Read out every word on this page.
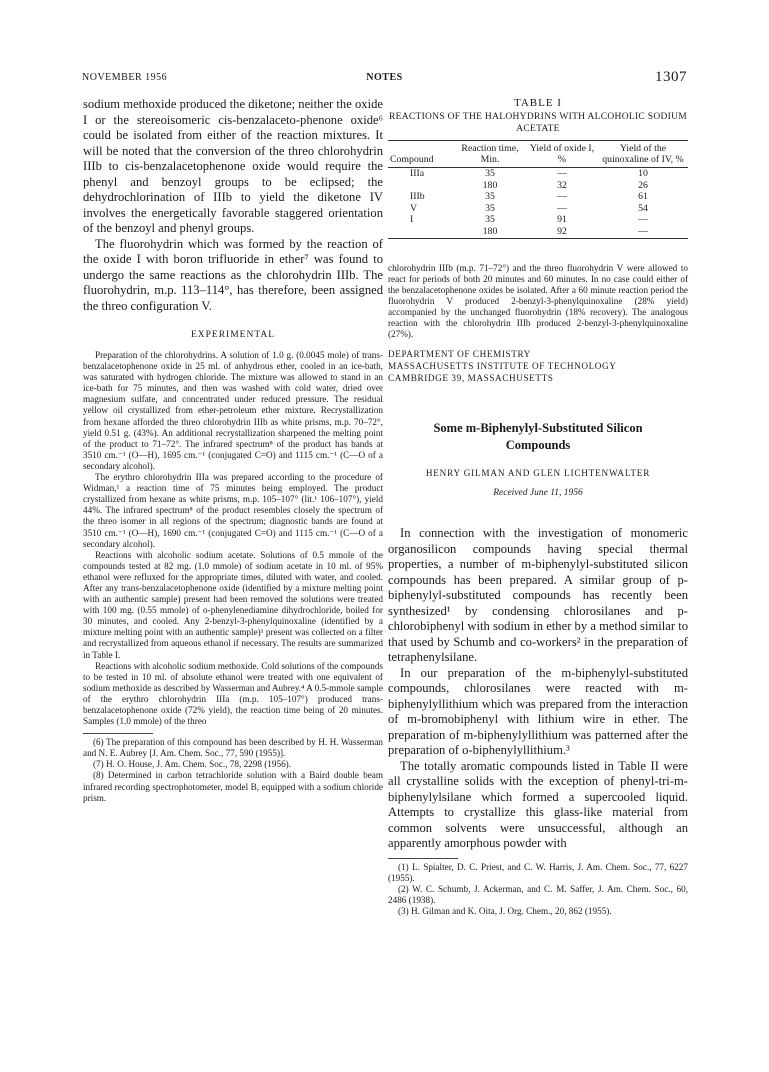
NOVEMBER 1956	NOTES	1307

sodium methoxide produced the diketone; neither the oxide I or the stereoisomeric cis-benzalaceto-phenone oxide⁶ could be isolated from either of the reaction mixtures. It will be noted that the conversion of the threo chlorohydrin IIIb to cis-benzalacetophenone oxide would require the phenyl and benzoyl groups to be eclipsed; the dehydrochlorination of IIIb to yield the diketone IV involves the energetically favorable staggered orientation of the benzoyl and phenyl groups.

The fluorohydrin which was formed by the reaction of the oxide I with boron trifluoride in ether⁷ was found to undergo the same reactions as the chlorohydrin IIIb. The fluorohydrin, m.p. 113–114°, has therefore, been assigned the threo configuration V.

EXPERIMENTAL

Preparation of the chlorohydrins. A solution of 1.0 g. (0.0045 mole) of trans-benzalacetophenone oxide in 25 ml. of anhydrous ether, cooled in an ice-bath, was saturated with hydrogen chloride. The mixture was allowed to stand in an ice-bath for 75 minutes, and then was washed with cold water, dried over magnesium sulfate, and concentrated under reduced pressure. The residual yellow oil crystallized from ether-petroleum ether mixture. Recrystallization from hexane afforded the threo chlorohydrin IIIb as white prisms, m.p. 70–72°, yield 0.51 g. (43%). An additional recrystallization sharpened the melting point of the product to 71–72°. The infrared spectrum⁸ of the product has bands at 3510 cm.⁻¹ (O—H), 1695 cm.⁻¹ (conjugated C=O) and 1115 cm.⁻¹ (C—O of a secondary alcohol).

The erythro chlorohydrin IIIa was prepared according to the procedure of Widman,¹ a reaction time of 75 minutes being employed. The product crystallized from hexane as white prisms, m.p. 105–107° (lit.¹ 106–107°), yield 44%. The infrared spectrum⁸ of the product resembles closely the spectrum of the threo isomer in all regions of the spectrum; diagnostic bands are found at 3510 cm.⁻¹ (O—H), 1690 cm.⁻¹ (conjugated C=O) and 1115 cm.⁻¹ (C—O of a secondary alcohol).

Reactions with alcoholic sodium acetate. Solutions of 0.5 mmole of the compounds tested at 82 mg. (1.0 mmole) of sodium acetate in 10 ml. of 95% ethanol were refluxed for the appropriate times, diluted with water, and cooled. After any trans-benzalacetophenone oxide (identified by a mixture melting point with an authentic sample) present had been removed the solutions were treated with 100 mg. (0.55 mmole) of o-phenylenediamine dihydrochloride, boiled for 30 minutes, and cooled. Any 2-benzyl-3-phenylquinoxaline (identified by a mixture melting point with an authentic sample)¹ present was collected on a filter and recrystallized from aqueous ethanol if necessary. The results are summarized in Table I.

Reactions with alcoholic sodium methoxide. Cold solutions of the compounds to be tested in 10 ml. of absolute ethanol were treated with one equivalent of sodium methoxide as described by Wasserman and Aubrey.⁴ A 0.5-mmole sample of the erythro chlorohydrin IIIa (m.p. 105–107°) produced trans-benzalacetophenone oxide (72% yield), the reaction time being of 20 minutes. Samples (1.0 mmole) of the threo

(6) The preparation of this compound has been described by H. H. Wasserman and N. E. Aubrey [J. Am. Chem. Soc., 77, 590 (1955)].

(7) H. O. House, J. Am. Chem. Soc., 78, 2298 (1956).

(8) Determined in carbon tetrachloride solution with a Baird double beam infrared recording spectrophotometer, model B, equipped with a sodium chloride prism.

TABLE I
REACTIONS OF THE HALOHYDRINS WITH ALCOHOLIC SODIUM
ACETATE
Compound	Reaction time, Min.	Yield of oxide I, %	Yield of the quinoxaline of IV, %
IIIa	35	—	10
	180	32	26
IIIb	35	—	61
V	35	—	54
I	35	91	—
	180	92	—

chlorohydrin IIIb (m.p. 71–72°) and the threo fluorohydrin V were allowed to react for periods of both 20 minutes and 60 minutes. In no case could either of the benzalacetophenone oxides be isolated. After a 60 minute reaction period the fluorohydrin V produced 2-benzyl-3-phenylquinoxaline (28% yield) accompanied by the unchanged fluorohydrin (18% recovery). The analogous reaction with the chlorohydrin IIIb produced 2-benzyl-3-phenylquinoxaline (27%).

DEPARTMENT OF CHEMISTRY
MASSACHUSETTS INSTITUTE OF TECHNOLOGY
CAMBRIDGE 39, MASSACHUSETTS
Some m-Biphenylyl-Substituted Silicon
Compounds
HENRY GILMAN AND GLEN LICHTENWALTER
Received June 11, 1956

In connection with the investigation of monomeric organosilicon compounds having special thermal properties, a number of m-biphenylyl-substituted silicon compounds has been prepared. A similar group of p-biphenylyl-substituted compounds has recently been synthesized¹ by condensing chlorosilanes and p-chlorobiphenyl with sodium in ether by a method similar to that used by Schumb and co-workers² in the preparation of tetraphenylsilane.

In our preparation of the m-biphenylyl-substituted compounds, chlorosilanes were reacted with m-biphenylyllithium which was prepared from the interaction of m-bromobiphenyl with lithium wire in ether. The preparation of m-biphenylyllithium was patterned after the preparation of o-biphenylyllithium.³

The totally aromatic compounds listed in Table II were all crystalline solids with the exception of phenyl-tri-m-biphenylylsilane which formed a supercooled liquid. Attempts to crystallize this glass-like material from common solvents were unsuccessful, although an apparently amorphous powder with

(1) L. Spialter, D. C. Priest, and C. W. Harris, J. Am. Chem. Soc., 77, 6227 (1955).

(2) W. C. Schumb, J. Ackerman, and C. M. Saffer, J. Am. Chem. Soc., 60, 2486 (1938).

(3) H. Gilman and K. Oita, J. Org. Chem., 20, 862 (1955).
